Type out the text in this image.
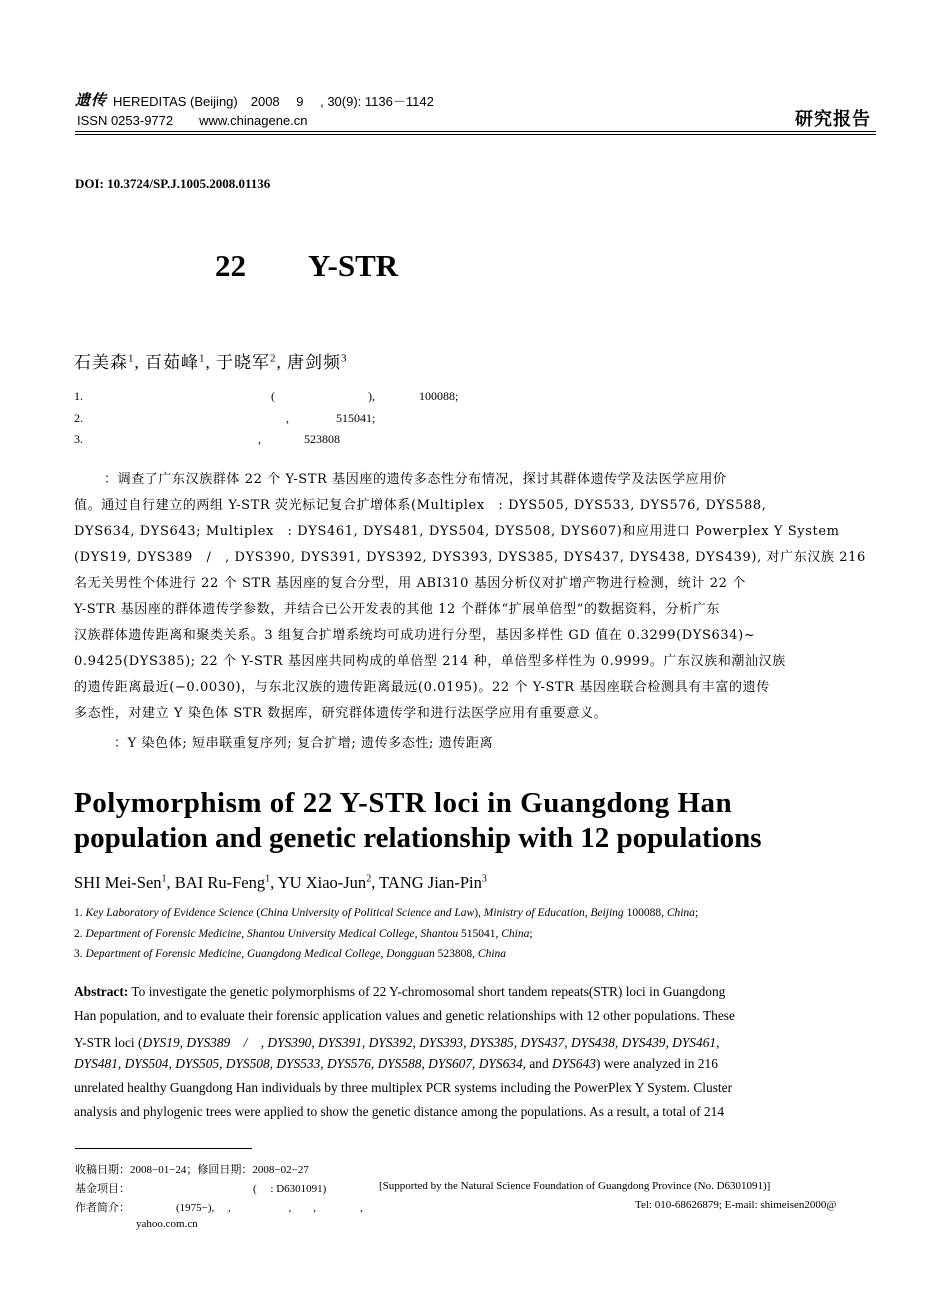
遗传 HEREDITAS (Beijing)　2008　 9　 , 30(9): 1136－1142
ISSN 0253-9772　　www.chinagene.cn	研究报告
DOI: 10.3724/SP.J.1005.2008.01136
22　　Y-STR
石美森$^1$, 百茹峰$^1$, 于晓军$^2$, 唐剑频$^3$
1.	(	),	100088;
2.	,	515041;
3.	,	523808
：调查了广东汉族群体 22 个 Y-STR 基因座的遗传多态性分布情况，探讨其群体遗传学及法医学应用价
值。通过自行建立的两组 Y-STR 荧光标记复合扩增体系(Multiplex　: DYS505, DYS533, DYS576, DYS588,
DYS634, DYS643; Multiplex　: DYS461, DYS481, DYS504, DYS508, DYS607)和应用进口 Powerplex Y System
(DYS19, DYS389　/　, DYS390, DYS391, DYS392, DYS393, DYS385, DYS437, DYS438, DYS439), 对广东汉族 216
名无关男性个体进行 22 个 STR 基因座的复合分型，用 ABI310 基因分析仪对扩增产物进行检测，统计 22 个
Y-STR 基因座的群体遗传学参数，并结合已公开发表的其他 12 个群体“扩展单倍型”的数据资料，分析广东
汉族群体遗传距离和聚类关系。3 组复合扩增系统均可成功进行分型，基因多样性 GD 值在 0.3299(DYS634)~
0.9425(DYS385); 22 个 Y-STR 基因座共同构成的单倍型 214 种，单倍型多样性为 0.9999。广东汉族和潮汕汉族
的遗传距离最近(−0.0030)，与东北汉族的遗传距离最远(0.0195)。22 个 Y-STR 基因座联合检测具有丰富的遗传
多态性，对建立 Y 染色体 STR 数据库，研究群体遗传学和进行法医学应用有重要意义。
：Y 染色体; 短串联重复序列; 复合扩增; 遗传多态性; 遗传距离
Polymorphism of 22 Y-STR loci in Guangdong Han
population and genetic relationship with 12 populations
SHI Mei-Sen$^1$, BAI Ru-Feng$^1$, YU Xiao-Jun$^2$, TANG Jian-Pin$^3$
1. Key Laboratory of Evidence Science (China University of Political Science and Law), Ministry of Education, Beijing 100088, China;
2. Department of Forensic Medicine, Shantou University Medical College, Shantou 515041, China;
3. Department of Forensic Medicine, Guangdong Medical College, Dongguan 523808, China
Abstract: To investigate the genetic polymorphisms of 22 Y-chromosomal short tandem repeats(STR) loci in Guangdong
Han population, and to evaluate their forensic application values and genetic relationships with 12 other populations. These
Y-STR loci (DYS19, DYS389　/　, DYS390, DYS391, DYS392, DYS393, DYS385, DYS437, DYS438, DYS439, DYS461,
DYS481, DYS504, DYS505, DYS508, DYS533, DYS576, DYS588, DYS607, DYS634, and DYS643) were analyzed in 216
unrelated healthy Guangdong Han individuals by three multiplex PCR systems including the PowerPlex Y System. Cluster
analysis and phylogenic trees were applied to show the genetic distance among the populations. As a result, a total of 214
收稿日期：2008−01−24；修回日期：2008−02−27
基金项目：	(　 : D6301091)	[Supported by the Natural Science Foundation of Guangdong Province (No. D6301091)]
作者简介：	(1975−),　 ,　　　　　 ,　　,　　　　,	Tel: 010-68626879; E-mail: shimeisen2000@
yahoo.com.cn
